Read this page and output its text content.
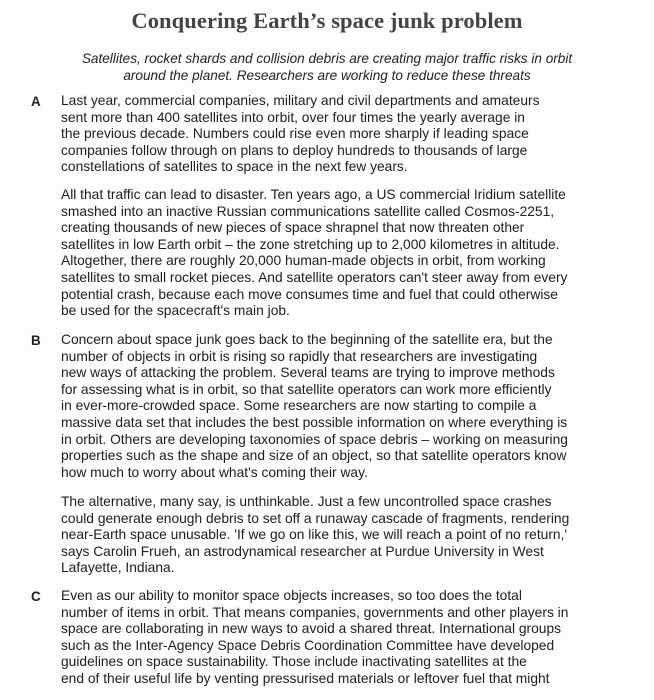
Conquering Earth’s space junk problem
Satellites, rocket shards and collision debris are creating major traffic risks in orbit
around the planet. Researchers are working to reduce these threats
A Last year, commercial companies, military and civil departments and amateurs
sent more than 400 satellites into orbit, over four times the yearly average in
the previous decade. Numbers could rise even more sharply if leading space
companies follow through on plans to deploy hundreds to thousands of large
constellations of satellites to space in the next few years.

All that traffic can lead to disaster. Ten years ago, a US commercial Iridium satellite
smashed into an inactive Russian communications satellite called Cosmos-2251,
creating thousands of new pieces of space shrapnel that now threaten other
satellites in low Earth orbit – the zone stretching up to 2,000 kilometres in altitude.
Altogether, there are roughly 20,000 human-made objects in orbit, from working
satellites to small rocket pieces. And satellite operators can't steer away from every
potential crash, because each move consumes time and fuel that could otherwise
be used for the spacecraft's main job.

B Concern about space junk goes back to the beginning of the satellite era, but the
number of objects in orbit is rising so rapidly that researchers are investigating
new ways of attacking the problem. Several teams are trying to improve methods
for assessing what is in orbit, so that satellite operators can work more efficiently
in ever-more-crowded space. Some researchers are now starting to compile a
massive data set that includes the best possible information on where everything is
in orbit. Others are developing taxonomies of space debris – working on measuring
properties such as the shape and size of an object, so that satellite operators know
how much to worry about what's coming their way.

The alternative, many say, is unthinkable. Just a few uncontrolled space crashes
could generate enough debris to set off a runaway cascade of fragments, rendering
near-Earth space unusable. 'If we go on like this, we will reach a point of no return,'
says Carolin Frueh, an astrodynamical researcher at Purdue University in West
Lafayette, Indiana.

C Even as our ability to monitor space objects increases, so too does the total
number of items in orbit. That means companies, governments and other players in
space are collaborating in new ways to avoid a shared threat. International groups
such as the Inter-Agency Space Debris Coordination Committee have developed
guidelines on space sustainability. Those include inactivating satellites at the
end of their useful life by venting pressurised materials or leftover fuel that might
